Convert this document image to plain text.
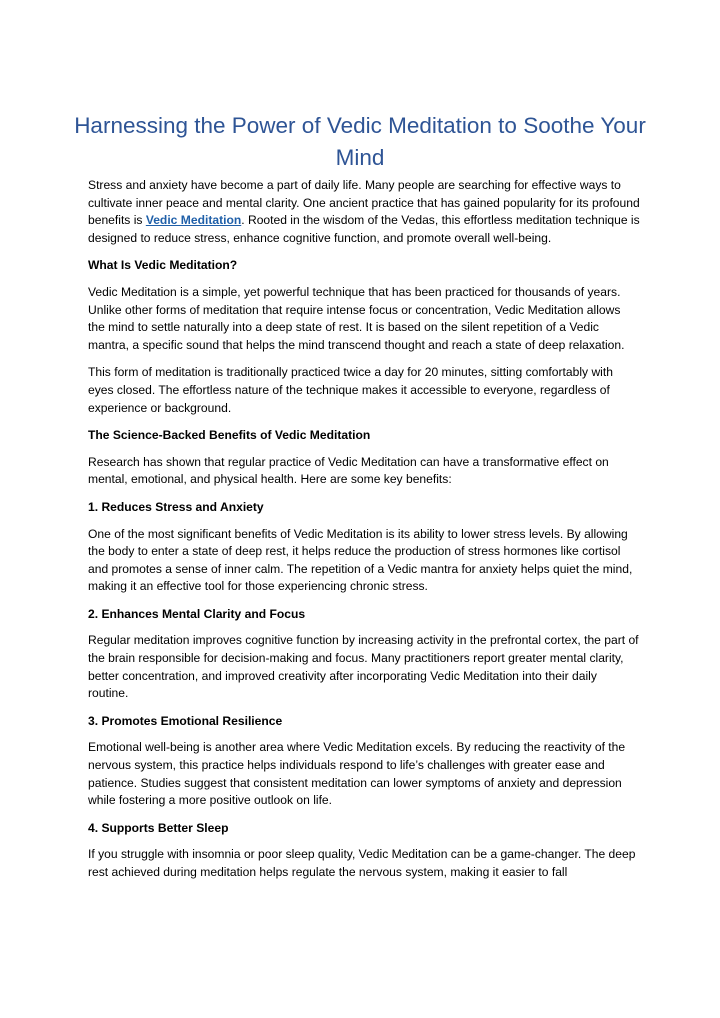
Harnessing the Power of Vedic Meditation to Soothe Your Mind

Stress and anxiety have become a part of daily life. Many people are searching for effective ways to cultivate inner peace and mental clarity. One ancient practice that has gained popularity for its profound benefits is Vedic Meditation. Rooted in the wisdom of the Vedas, this effortless meditation technique is designed to reduce stress, enhance cognitive function, and promote overall well-being.

What Is Vedic Meditation?

Vedic Meditation is a simple, yet powerful technique that has been practiced for thousands of years. Unlike other forms of meditation that require intense focus or concentration, Vedic Meditation allows the mind to settle naturally into a deep state of rest. It is based on the silent repetition of a Vedic mantra, a specific sound that helps the mind transcend thought and reach a state of deep relaxation.

This form of meditation is traditionally practiced twice a day for 20 minutes, sitting comfortably with eyes closed. The effortless nature of the technique makes it accessible to everyone, regardless of experience or background.

The Science-Backed Benefits of Vedic Meditation

Research has shown that regular practice of Vedic Meditation can have a transformative effect on mental, emotional, and physical health. Here are some key benefits:

1. Reduces Stress and Anxiety

One of the most significant benefits of Vedic Meditation is its ability to lower stress levels. By allowing the body to enter a state of deep rest, it helps reduce the production of stress hormones like cortisol and promotes a sense of inner calm. The repetition of a Vedic mantra for anxiety helps quiet the mind, making it an effective tool for those experiencing chronic stress.

2. Enhances Mental Clarity and Focus

Regular meditation improves cognitive function by increasing activity in the prefrontal cortex, the part of the brain responsible for decision-making and focus. Many practitioners report greater mental clarity, better concentration, and improved creativity after incorporating Vedic Meditation into their daily routine.

3. Promotes Emotional Resilience

Emotional well-being is another area where Vedic Meditation excels. By reducing the reactivity of the nervous system, this practice helps individuals respond to life’s challenges with greater ease and patience. Studies suggest that consistent meditation can lower symptoms of anxiety and depression while fostering a more positive outlook on life.

4. Supports Better Sleep

If you struggle with insomnia or poor sleep quality, Vedic Meditation can be a game-changer. The deep rest achieved during meditation helps regulate the nervous system, making it easier to fall
